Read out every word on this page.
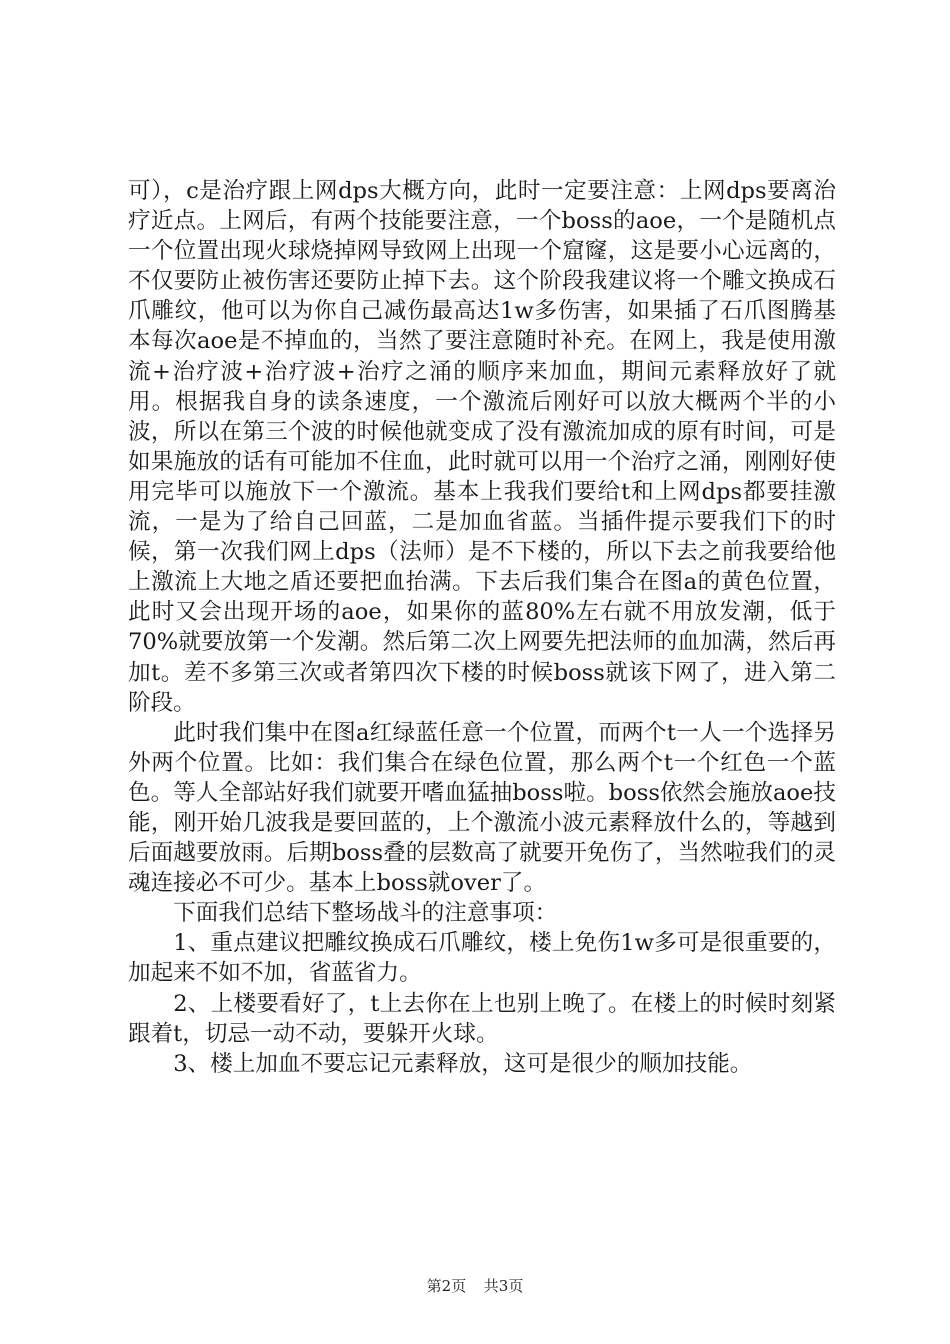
可），c是治疗跟上网dps大概方向，此时一定要注意：上网dps要离治疗近点。上网后，有两个技能要注意，一个boss的aoe，一个是随机点一个位置出现火球烧掉网导致网上出现一个窟窿，这是要小心远离的，不仅要防止被伤害还要防止掉下去。这个阶段我建议将一个雕文换成石爪雕纹，他可以为你自己减伤最高达1w多伤害，如果插了石爪图腾基本每次aoe是不掉血的，当然了要注意随时补充。在网上，我是使用激流+治疗波+治疗波+治疗之涌的顺序来加血，期间元素释放好了就用。根据我自身的读条速度，一个激流后刚好可以放大概两个半的小波，所以在第三个波的时候他就变成了没有激流加成的原有时间，可是如果施放的话有可能加不住血，此时就可以用一个治疗之涌，刚刚好使用完毕可以施放下一个激流。基本上我我们要给t和上网dps都要挂激流，一是为了给自己回蓝，二是加血省蓝。当插件提示要我们下的时候，第一次我们网上dps（法师）是不下楼的，所以下去之前我要给他上激流上大地之盾还要把血抬满。下去后我们集合在图a的黄色位置，此时又会出现开场的aoe，如果你的蓝80%左右就不用放发潮，低于70%就要放第一个发潮。然后第二次上网要先把法师的血加满，然后再加t。差不多第三次或者第四次下楼的时候boss就该下网了，进入第二阶段。

此时我们集中在图a红绿蓝任意一个位置，而两个t一人一个选择另外两个位置。比如：我们集合在绿色位置，那么两个t一个红色一个蓝色。等人全部站好我们就要开嗜血猛抽boss啦。boss依然会施放aoe技能，刚开始几波我是要回蓝的，上个激流小波元素释放什么的，等越到后面越要放雨。后期boss叠的层数高了就要开免伤了，当然啦我们的灵魂连接必不可少。基本上boss就over了。

下面我们总结下整场战斗的注意事项：

1、重点建议把雕纹换成石爪雕纹，楼上免伤1w多可是很重要的，加起来不如不加，省蓝省力。

2、上楼要看好了，t上去你在上也别上晚了。在楼上的时候时刻紧跟着t，切忌一动不动，要躲开火球。

3、楼上加血不要忘记元素释放，这可是很少的顺加技能。

第2页 共3页
